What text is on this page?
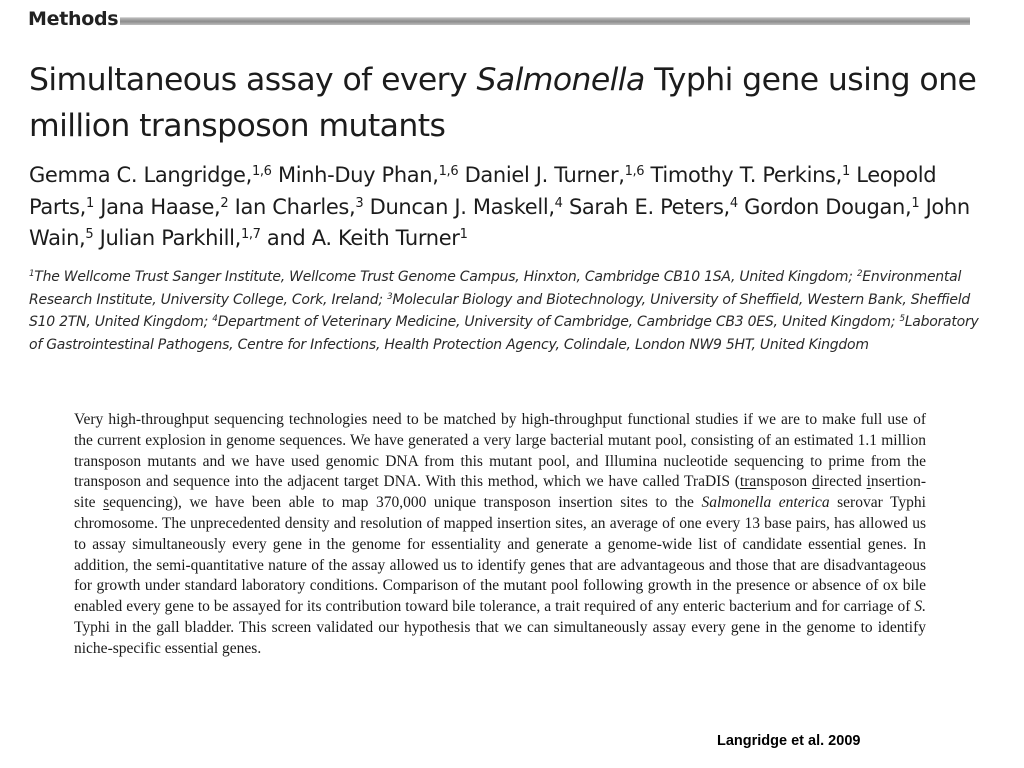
Methods
Simultaneous assay of every Salmonella Typhi gene using one million transposon mutants

Gemma C. Langridge,$^{1,6}$ Minh-Duy Phan,$^{1,6}$ Daniel J. Turner,$^{1,6}$ Timothy T. Perkins,$^1$ Leopold Parts,$^1$ Jana Haase,$^2$ Ian Charles,$^3$ Duncan J. Maskell,$^4$ Sarah E. Peters,$^4$ Gordon Dougan,$^1$ John Wain,$^5$ Julian Parkhill,$^{1,7}$ and A. Keith Turner$^1$

$^1$The Wellcome Trust Sanger Institute, Wellcome Trust Genome Campus, Hinxton, Cambridge CB10 1SA, United Kingdom; $^2$Environmental Research Institute, University College, Cork, Ireland; $^3$Molecular Biology and Biotechnology, University of Sheffield, Western Bank, Sheffield S10 2TN, United Kingdom; $^4$Department of Veterinary Medicine, University of Cambridge, Cambridge CB3 0ES, United Kingdom; $^5$Laboratory of Gastrointestinal Pathogens, Centre for Infections, Health Protection Agency, Colindale, London NW9 5HT, United Kingdom

Very high-throughput sequencing technologies need to be matched by high-throughput functional studies if we are to make full use of the current explosion in genome sequences. We have generated a very large bacterial mutant pool, consisting of an estimated 1.1 million transposon mutants and we have used genomic DNA from this mutant pool, and Illumina nucleotide sequencing to prime from the transposon and sequence into the adjacent target DNA. With this method, which we have called TraDIS (transposon directed insertion-site sequencing), we have been able to map 370,000 unique transposon insertion sites to the Salmonella enterica serovar Typhi chromosome. The unprecedented density and resolution of mapped insertion sites, an average of one every 13 base pairs, has allowed us to assay simultaneously every gene in the genome for essentiality and generate a genome-wide list of candidate essential genes. In addition, the semi-quantitative nature of the assay allowed us to identify genes that are advantageous and those that are disadvantageous for growth under standard laboratory conditions. Comparison of the mutant pool following growth in the presence or absence of ox bile enabled every gene to be assayed for its contribution toward bile tolerance, a trait required of any enteric bacterium and for carriage of S. Typhi in the gall bladder. This screen validated our hypothesis that we can simultaneously assay every gene in the genome to identify niche-specific essential genes.

Langridge et al. 2009
